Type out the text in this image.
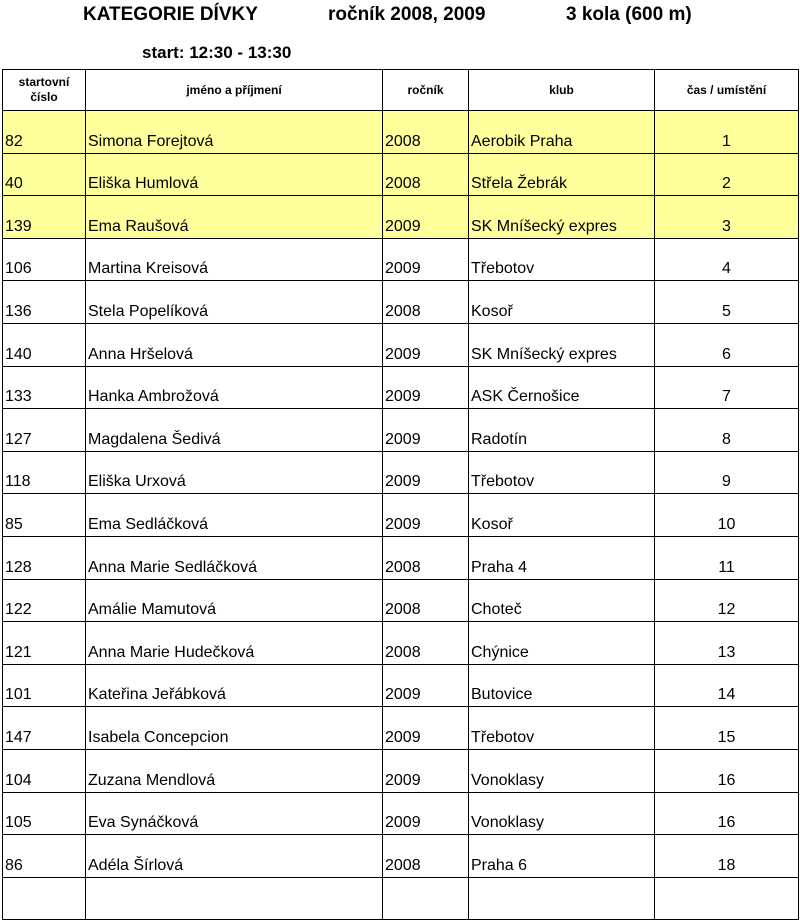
KATEGORIE DÍVKY	ročník 2008, 2009	3 kola (600 m)
start: 12:30 - 13:30
startovní číslo	jméno a příjmení	ročník	klub	čas / umístění
82	Simona Forejtová	2008	Aerobik Praha	1
40	Eliška Humlová	2008	Střela Žebrák	2
139	Ema Raušová	2009	SK Mníšecký expres	3
106	Martina Kreisová	2009	Třebotov	4
136	Stela Popelíková	2008	Kosoř	5
140	Anna Hršelová	2009	SK Mníšecký expres	6
133	Hanka Ambrožová	2009	ASK Černošice	7
127	Magdalena Šedivá	2009	Radotín	8
118	Eliška Urxová	2009	Třebotov	9
85	Ema Sedláčková	2009	Kosoř	10
128	Anna Marie Sedláčková	2008	Praha 4	11
122	Amálie Mamutová	2008	Choteč	12
121	Anna Marie Hudečková	2008	Chýnice	13
101	Kateřina Jeřábková	2009	Butovice	14
147	Isabela Concepcion	2009	Třebotov	15
104	Zuzana Mendlová	2009	Vonoklasy	16
105	Eva Synáčková	2009	Vonoklasy	16
86	Adéla Šírlová	2008	Praha 6	18
